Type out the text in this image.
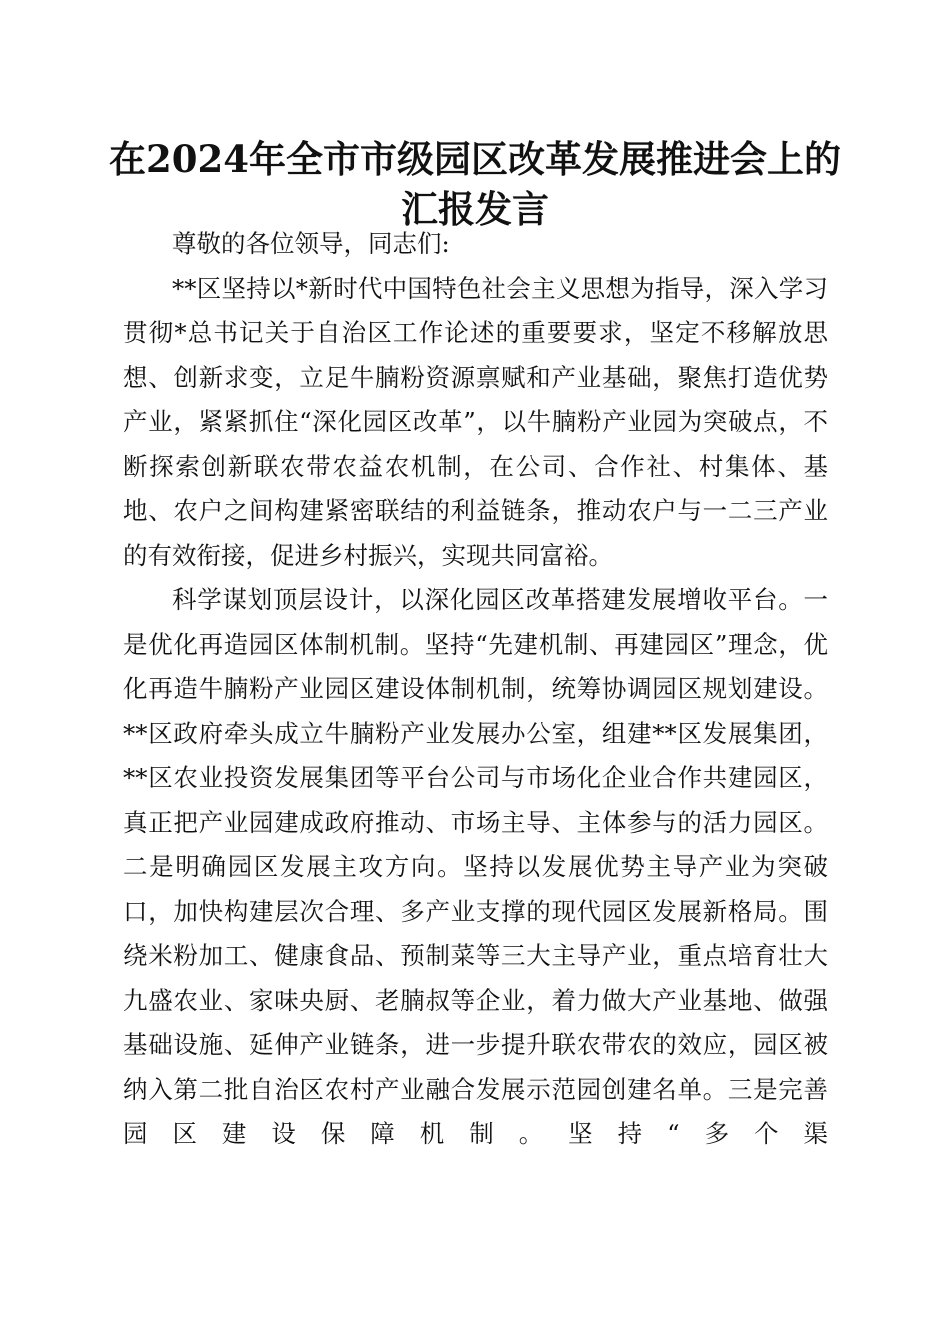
在2024年全市市级园区改革发展推进会上的
汇报发言

尊敬的各位领导，同志们:

**区坚持以*新时代中国特色社会主义思想为指导，深入学习贯彻*总书记关于自治区工作论述的重要要求，坚定不移解放思想、创新求变，立足牛腩粉资源禀赋和产业基础，聚焦打造优势产业，紧紧抓住“深化园区改革”，以牛腩粉产业园为突破点，不断探索创新联农带农益农机制，在公司、合作社、村集体、基地、农户之间构建紧密联结的利益链条，推动农户与一二三产业的有效衔接，促进乡村振兴，实现共同富裕。

科学谋划顶层设计，以深化园区改革搭建发展增收平台。一是优化再造园区体制机制。坚持“先建机制、再建园区”理念，优化再造牛腩粉产业园区建设体制机制，统筹协调园区规划建设。**区政府牵头成立牛腩粉产业发展办公室，组建**区发展集团，**区农业投资发展集团等平台公司与市场化企业合作共建园区，真正把产业园建成政府推动、市场主导、主体参与的活力园区。二是明确园区发展主攻方向。坚持以发展优势主导产业为突破口，加快构建层次合理、多产业支撑的现代园区发展新格局。围绕米粉加工、健康食品、预制菜等三大主导产业，重点培育壮大九盛农业、家味央厨、老腩叔等企业，着力做大产业基地、做强基础设施、延伸产业链条，进一步提升联农带农的效应，园区被纳入第二批自治区农村产业融合发展示范园创建名单。三是完善园区建设保障机制。坚持“多个渠
